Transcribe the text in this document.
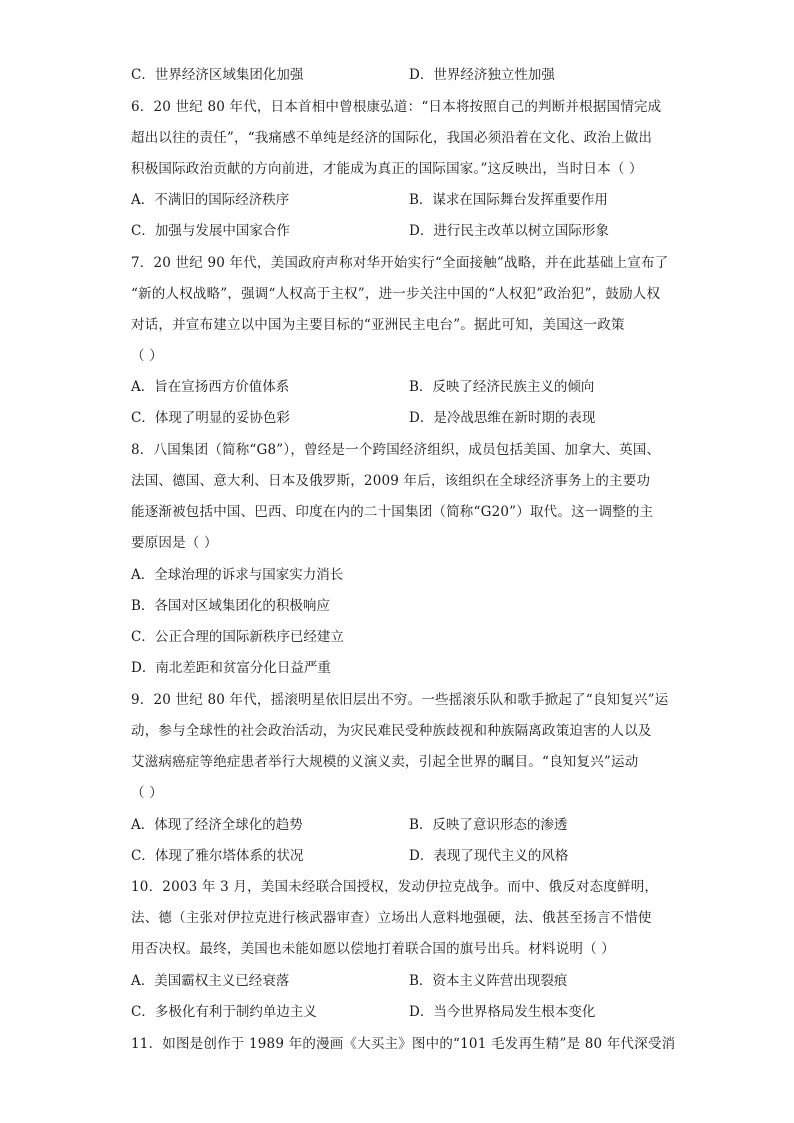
C．世界经济区域集团化加强	D．世界经济独立性加强
6．20 世纪 80 年代，日本首相中曾根康弘道：“日本将按照自己的判断并根据国情完成
超出以往的责任”，“我痛感不单纯是经济的国际化，我国必须沿着在文化、政治上做出
积极国际政治贡献的方向前进，才能成为真正的国际国家。”这反映出，当时日本（ ）
A．不满旧的国际经济秩序	B．谋求在国际舞台发挥重要作用
C．加强与发展中国家合作	D．进行民主改革以树立国际形象
7．20 世纪 90 年代，美国政府声称对华开始实行“全面接触”战略，并在此基础上宣布了
“新的人权战略”，强调“人权高于主权”，进一步关注中国的“人权犯”政治犯”，鼓励人权
对话，并宣布建立以中国为主要目标的“亚洲民主电台”。据此可知，美国这一政策
（ ）
A．旨在宣扬西方价值体系	B．反映了经济民族主义的倾向
C．体现了明显的妥协色彩	D．是冷战思维在新时期的表现
8．八国集团（简称“G8”），曾经是一个跨国经济组织，成员包括美国、加拿大、英国、
法国、德国、意大利、日本及俄罗斯，2009 年后，该组织在全球经济事务上的主要功
能逐渐被包括中国、巴西、印度在内的二十国集团（简称“G20”）取代。这一调整的主
要原因是（ ）
A．全球治理的诉求与国家实力消长
B．各国对区域集团化的积极响应
C．公正合理的国际新秩序已经建立
D．南北差距和贫富分化日益严重
9．20 世纪 80 年代，摇滚明星依旧层出不穷。一些摇滚乐队和歌手掀起了“良知复兴”运
动，参与全球性的社会政治活动，为灾民难民受种族歧视和种族隔离政策迫害的人以及
艾滋病癌症等绝症患者举行大规模的义演义卖，引起全世界的瞩目。“良知复兴”运动
（ ）
A．体现了经济全球化的趋势	B．反映了意识形态的渗透
C．体现了雅尔塔体系的状况	D．表现了现代主义的风格
10．2003 年 3 月，美国未经联合国授权，发动伊拉克战争。而中、俄反对态度鲜明，
法、德（主张对伊拉克进行核武器审查）立场出人意料地强硬，法、俄甚至扬言不惜使
用否决权。最终，美国也未能如愿以偿地打着联合国的旗号出兵。材料说明（ ）
A．美国霸权主义已经衰落	B．资本主义阵营出现裂痕
C．多极化有利于制约单边主义	D．当今世界格局发生根本变化
11．如图是创作于 1989 年的漫画《大买主》图中的“101 毛发再生精”是 80 年代深受消
